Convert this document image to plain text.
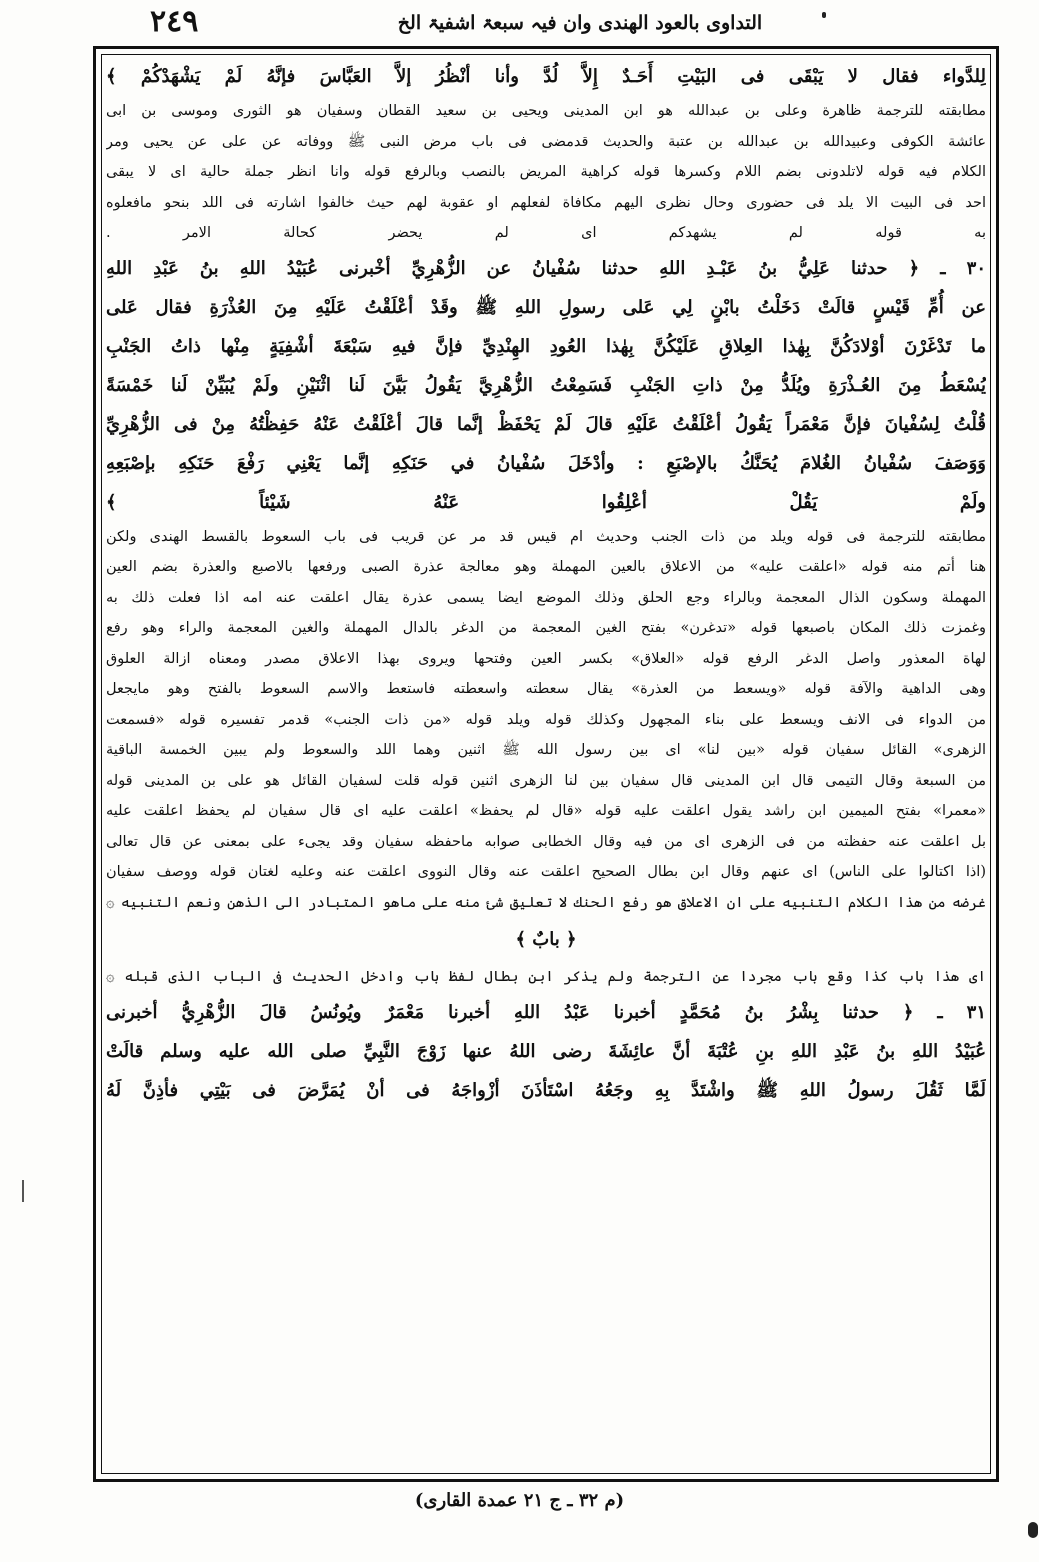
٢٤٩	التداوی بالعود الھندی وان فیہ سبعۃ اشفیۃ الخ
لِلدَّواء فقال لا يَبْقَى فى البَيْتِ أَحَـدٌ إِلاَّ لُدَّ وأنا أنْظُرُ إلاَّ العَبَّاسَ فإنَّهُ لَمْ يَشْهَدْكُمْ ﴾
مطابقته للترجمة ظاهرة وعلى بن عبدالله هو ابن المدينى ويحيى بن سعيد القطان وسفيان هو الثورى وموسى بن ابى
عائشة الكوفى وعبيدالله بن عبدالله بن عتبة والحديث قدمضى فى باب مرض النبى ﷺ ووفاته عن على عن يحيى ومر
الكلام فيه قوله لاتلدونى بضم اللام وكسرها قوله كراهية المريض بالنصب وبالرفع قوله وانا انظر جملة حالية اى لا يبقى
احد فى البيت الا يلد فى حضورى وحال نظرى اليهم مكافاة لفعلهم او عقوبة لهم حيث خالفوا اشارته فى اللد بنحو مافعلوه
به قوله لم يشهدكم اى لم يحضر كحالة الامر .
٣٠ ـ ﴿ حدثنا عَلِيُّ بنُ عَبْـدِ اللهِ حدثنا سُفْيانُ عن الزُّهْرِيِّ أخْبرنى عُبَيْدُ اللهِ بنُ عَبْدِ اللهِ
عن أُمِّ قَيْسٍ قالَتْ دَخَلْتُ بابْنٍ لِي عَلى رسولِ اللهِ ﷺ وقَدْ أعْلَقْتُ عَلَيْهِ مِنَ العُذْرَةِ فقال عَلى
ما تَدْغَرْنَ أوْلادَكُنَّ بِهٰذا العِلاقِ عَلَيْكُنَّ بِهٰذا العُودِ الهِنْدِيِّ فإنَّ فيهِ سَبْعَةَ أشْفِيَةٍ مِنْها ذاتُ الجَنْبِ
يُسْعَطُ مِنَ العُـذْرَةِ ويُلَدُّ مِنْ ذاتِ الجَنْبِ فَسَمِعْتُ الزُّهْرِيَّ يَقُولُ بَيَّنَ لَنا اثْنَيْنِ ولَمْ يُبَيِّنْ لَنا خَمْسَةً
قُلْتُ لِسُفْيانَ فإنَّ مَعْمَراً يَقُولُ أعْلَقْتُ عَلَيْهِ قالَ لَمْ يَحْفَظْ إنَّما قالَ أعْلَقْتُ عَنْهُ حَفِظْتُهُ مِنْ فى الزُّهْرِيِّ
وَوَصَفَ سُفْيانُ الغُلامَ يُحَنَّكُ بالإصْبَعِ : وأدْخَلَ سُفْيانُ في حَنَكِهِ إنَّما يَعْنِي رَفْعَ حَنَكِهِ بإصْبَعِهِ
ولَمْ يَقُلْ أعْلِقُوا عَنْهُ شَيْئاً ﴾
مطابقته للترجمة فى قوله ويلد من ذات الجنب وحديث ام قيس قد مر عن قريب فى باب السعوط بالقسط الهندى ولكن
هنا أتم منه قوله «اعلقت عليه» من الاعلاق بالعين المهملة وهو معالجة عذرة الصبى ورفعها بالاصبع والعذرة بضم العين
المهملة وسكون الذال المعجمة وبالراء وجع الحلق وذلك الموضع ايضا يسمى عذرة يقال اعلقت عنه امه اذا فعلت ذلك به
وغمزت ذلك المكان باصبعها قوله «تدغرن» بفتح الغين المعجمة من الدغر بالدال المهملة والغين المعجمة والراء وهو رفع
لهاة المعذور واصل الدغر الرفع قوله «العلاق» بكسر العين وفتحها ويروى بهذا الاعلاق مصدر ومعناه ازالة العلوق
وهى الداهية والآفة قوله «ويسعط من العذرة» يقال سعطته واسعطته فاستعط والاسم السعوط بالفتح وهو مايجعل
من الدواء فى الانف ويسعط على بناء المجهول وكذلك قوله ويلد قوله «من ذات الجنب» قدمر تفسيره قوله «فسمعت
الزهرى» القائل سفيان قوله «بين لنا» اى بين رسول الله ﷺ اثنين وهما اللد والسعوط ولم يبين الخمسة الباقية
من السبعة وقال التيمى قال ابن المدينى قال سفيان بين لنا الزهرى اثنين قوله قلت لسفيان القائل هو على بن المدينى قوله
«معمرا» بفتح الميمين ابن راشد يقول اعلقت عليه قوله «قال لم يحفظ» اعلقت عليه اى قال سفيان لم يحفظ اعلقت عليه
بل اعلقت عنه حفظته من فى الزهرى اى من فيه وقال الخطابى صوابه ماحفظه سفيان وقد يجىء على بمعنى عن قال تعالى
(اذا اكتالوا على الناس) اى عنهم وقال ابن بطال الصحيح اعلقت عنه وقال النووى اعلقت عنه وعليه لغتان قوله ووصف سفيان
غرضه من هذا الكلام التنبيه على ان الاعلاق هو رفع الحنك لا تعليق شئ منه على ماهو المتبادر الى الذهن ونعم التنبيه ۞
﴿ بابٌ ﴾
اى هذا باب كذا وقع باب مجردا عن الترجمة ولم يذكر ابن بطال لفظ باب وادخل الحديث فى الباب الذى قبله ۞
٣١ ـ ﴿ حدثنا بِشْرُ بنُ مُحَمَّدٍ أخبرنا عَبْدُ اللهِ أخبرنا مَعْمَرٌ ويُونُسُ قالَ الزُّهْرِيُّ أخبرنى
عُبَيْدُ اللهِ بنُ عَبْدِ اللهِ بنِ عُتْبَةَ أنَّ عائِشَةَ رضى اللهُ عنها زَوْجَ النَّبِيِّ صلى الله عليه وسلم قالَتْ
لَمَّا ثَقُلَ رسولُ اللهِ ﷺ واشْتَدَّ بِهِ وجَعُهُ اسْتَأذَنَ أزْواجَهُ فى أنْ يُمَرَّضَ فى بَيْتِي فأذِنَّ لَهُ
(م ٣٢ ـ ج ٢١ عمدة القارى)
